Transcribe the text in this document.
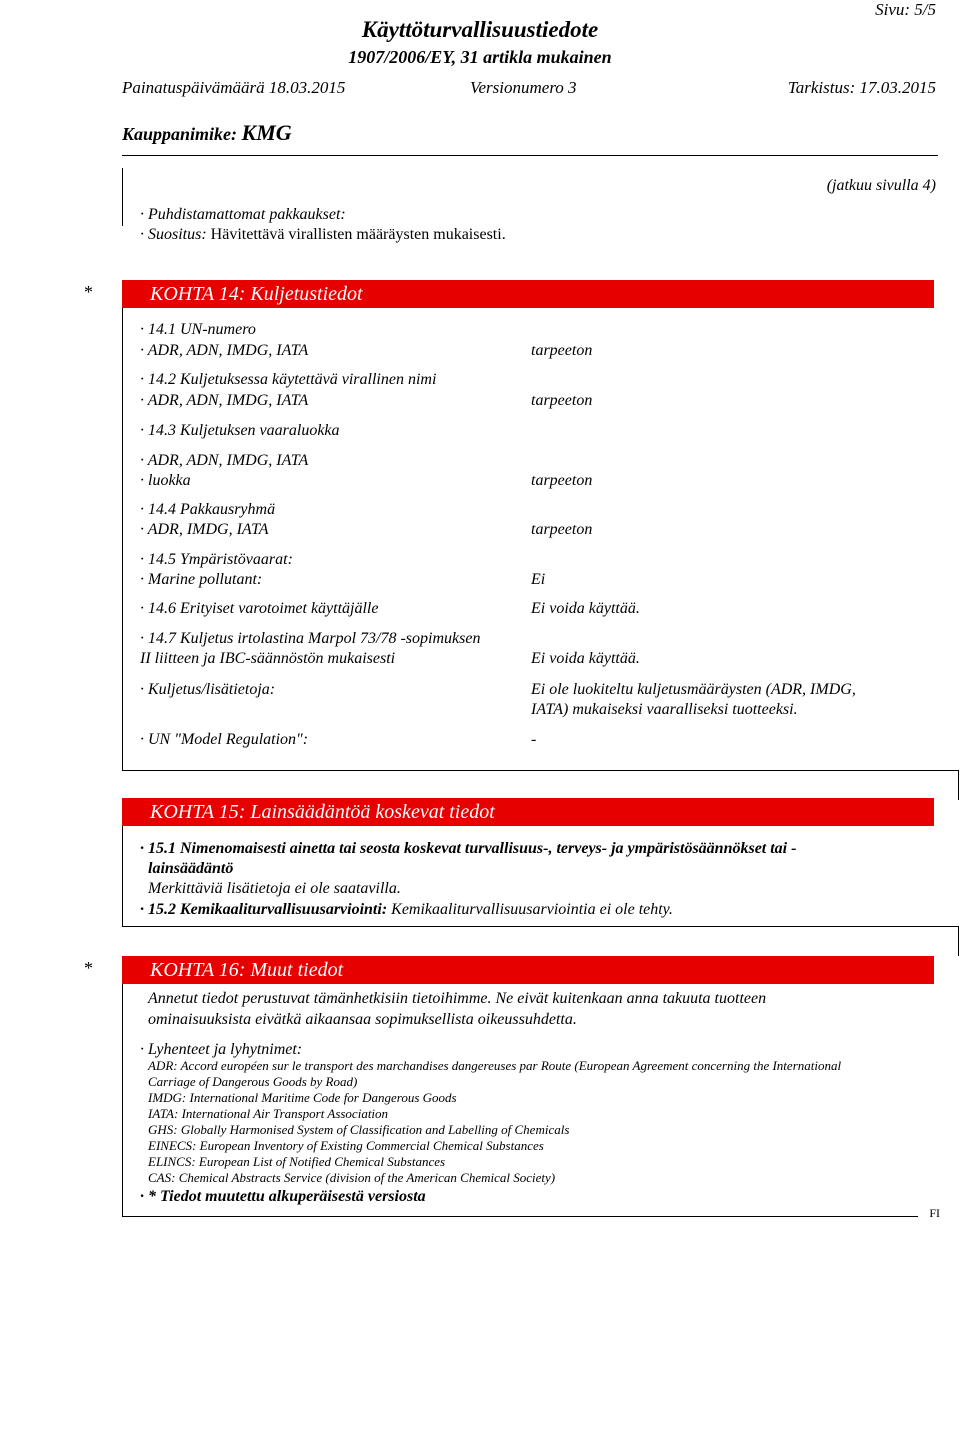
Sivu: 5/5
Käyttöturvallisuustiedote
1907/2006/EY, 31 artikla mukainen
Painatuspäivämäärä 18.03.2015	Versionumero 3	Tarkistus: 17.03.2015
Kauppanimike: KMG
(jatkuu sivulla 4)
· Puhdistamattomat pakkaukset:
· Suositus: Hävitettävä virallisten määräysten mukaisesti.
*	KOHTA 14: Kuljetustiedot
· 14.1 UN-numero
· ADR, ADN, IMDG, IATA	tarpeeton
· 14.2 Kuljetuksessa käytettävä virallinen nimi
· ADR, ADN, IMDG, IATA	tarpeeton
· 14.3 Kuljetuksen vaaraluokka
· ADR, ADN, IMDG, IATA
· luokka	tarpeeton
· 14.4 Pakkausryhmä
· ADR, IMDG, IATA	tarpeeton
· 14.5 Ympäristövaarat:
· Marine pollutant:	Ei
· 14.6 Erityiset varotoimet käyttäjälle	Ei voida käyttää.
· 14.7 Kuljetus irtolastina Marpol 73/78 -sopimuksen
II liitteen ja IBC-säännöstön mukaisesti	Ei voida käyttää.
· Kuljetus/lisätietoja:	Ei ole luokiteltu kuljetusmääräysten (ADR, IMDG,
IATA) mukaiseksi vaaralliseksi tuotteeksi.
· UN "Model Regulation":	-
KOHTA 15: Lainsäädäntöä koskevat tiedot
· 15.1 Nimenomaisesti ainetta tai seosta koskevat turvallisuus-, terveys- ja ympäristösäännökset tai -
lainsäädäntö
Merkittäviä lisätietoja ei ole saatavilla.
· 15.2 Kemikaaliturvallisuusarviointi: Kemikaaliturvallisuusarviointia ei ole tehty.
*	KOHTA 16: Muut tiedot
Annetut tiedot perustuvat tämänhetkisiin tietoihimme. Ne eivät kuitenkaan anna takuuta tuotteen
ominaisuuksista eivätkä aikaansaa sopimuksellista oikeussuhdetta.
· Lyhenteet ja lyhytnimet:
ADR: Accord européen sur le transport des marchandises dangereuses par Route (European Agreement concerning the International
Carriage of Dangerous Goods by Road)
IMDG: International Maritime Code for Dangerous Goods
IATA: International Air Transport Association
GHS: Globally Harmonised System of Classification and Labelling of Chemicals
EINECS: European Inventory of Existing Commercial Chemical Substances
ELINCS: European List of Notified Chemical Substances
CAS: Chemical Abstracts Service (division of the American Chemical Society)
· * Tiedot muutettu alkuperäisestä versiosta
FI
